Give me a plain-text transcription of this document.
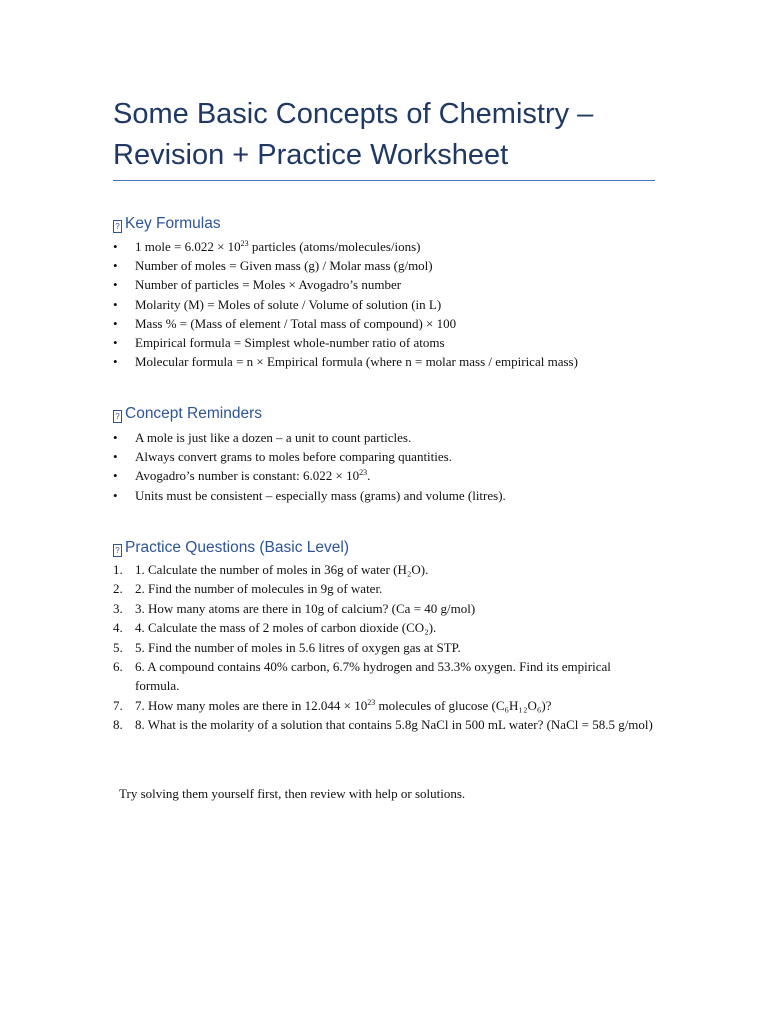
Some Basic Concepts of Chemistry – Revision + Practice Worksheet
? Key Formulas
• 1 mole = $6.022 \times 10^{23}$ particles (atoms/molecules/ions)
• Number of moles = Given mass (g) / Molar mass (g/mol)
• Number of particles = Moles × Avogadro’s number
• Molarity (M) = Moles of solute / Volume of solution (in L)
• Mass % = (Mass of element / Total mass of compound) × 100
• Empirical formula = Simplest whole-number ratio of atoms
• Molecular formula = n × Empirical formula (where n = molar mass / empirical mass)
? Concept Reminders
• A mole is just like a dozen – a unit to count particles.
• Always convert grams to moles before comparing quantities.
• Avogadro’s number is constant: $6.022 \times 10^{23}$.
• Units must be consistent – especially mass (grams) and volume (litres).
? Practice Questions (Basic Level)
1. 1. Calculate the number of moles in 36g of water (H₂O).
2. 2. Find the number of molecules in 9g of water.
3. 3. How many atoms are there in 10g of calcium? (Ca = 40 g/mol)
4. 4. Calculate the mass of 2 moles of carbon dioxide (CO₂).
5. 5. Find the number of moles in 5.6 litres of oxygen gas at STP.
6. 6. A compound contains 40% carbon, 6.7% hydrogen and 53.3% oxygen. Find its empirical formula.
7. 7. How many moles are there in $12.044 \times 10^{23}$ molecules of glucose (C₆H₁₂O₆)?
8. 8. What is the molarity of a solution that contains 5.8g NaCl in 500 mL water? (NaCl = 58.5 g/mol)

Try solving them yourself first, then review with help or solutions.
